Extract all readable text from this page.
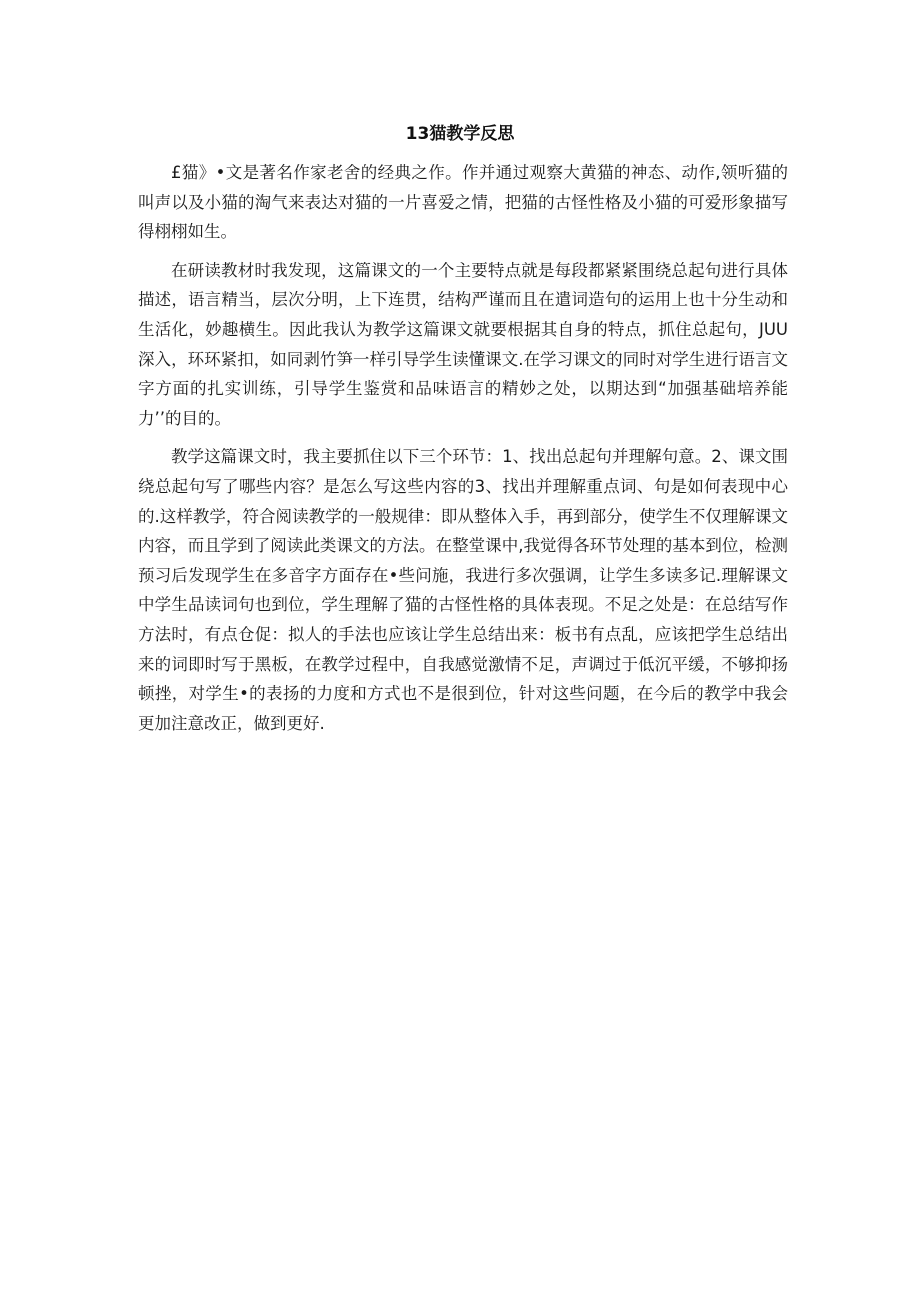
13猫教学反思

£猫》•文是著名作家老舍的经典之作。作并通过观察大黄猫的神态、动作,领听猫的叫声以及小猫的淘气来表达对猫的一片喜爱之情，把猫的古怪性格及小猫的可爱形象描写得栩栩如生。

在研读教材时我发现，这篇课文的一个主要特点就是每段都紧紧围绕总起句进行具体描述，语言精当，层次分明，上下连贯，结构严谨而且在遣词造句的运用上也十分生动和生活化，妙趣横生。因此我认为教学这篇课文就要根据其自身的特点，抓住总起句，JUU深入，环环紧扣，如同剥竹笋一样引导学生读懂课文.在学习课文的同时对学生进行语言文字方面的扎实训练，引导学生鉴赏和品味语言的精妙之处，以期达到“加强基础培养能力’’的目的。

教学这篇课文时，我主要抓住以下三个环节：1、找出总起句并理解句意。2、课文围绕总起句写了哪些内容？是怎么写这些内容的3、找出并理解重点词、句是如何表现中心的.这样教学，符合阅读教学的一般规律：即从整体入手，再到部分，使学生不仅理解课文内容，而且学到了阅读此类课文的方法。在整堂课中,我觉得各环节处理的基本到位，检测预习后发现学生在多音字方面存在•些问施，我进行多次强调，让学生多读多记.理解课文中学生品读词句也到位，学生理解了猫的古怪性格的具体表现。不足之处是：在总结写作方法时，有点仓促：拟人的手法也应该让学生总结出来：板书有点乱，应该把学生总结出来的词即时写于黑板，在教学过程中，自我感觉激情不足，声调过于低沉平缓，不够抑扬顿挫，对学生•的表扬的力度和方式也不是很到位，针对这些问题，在今后的教学中我会更加注意改正，做到更好.
